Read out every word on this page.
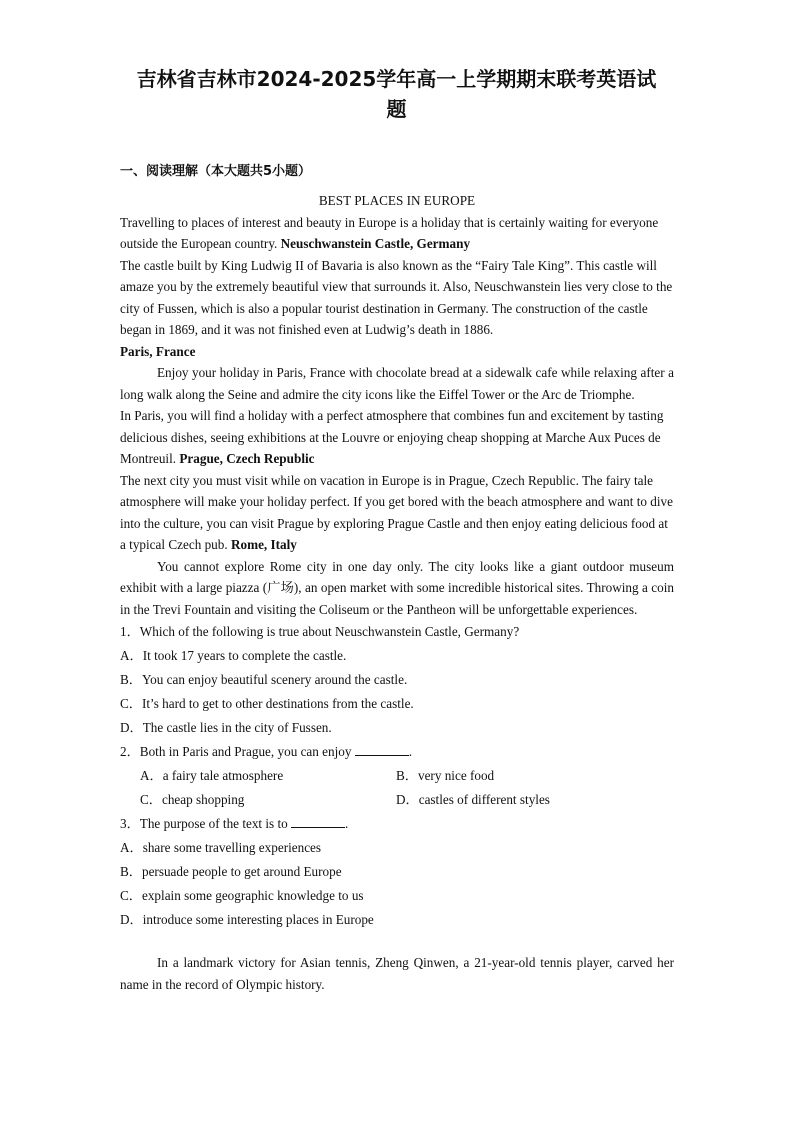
吉林省吉林市2024-2025学年高一上学期期末联考英语试
题
一、阅读理解（本大题共5小题）

BEST PLACES IN EUROPE

Travelling to places of interest and beauty in Europe is a holiday that is certainly waiting for everyone outside the European country. Neuschwanstein Castle, Germany

The castle built by King Ludwig II of Bavaria is also known as the “Fairy Tale King”. This castle will amaze you by the extremely beautiful view that surrounds it. Also, Neuschwanstein lies very close to the city of Fussen, which is also a popular tourist destination in Germany. The construction of the castle began in 1869, and it was not finished even at Ludwig’s death in 1886.

Paris, France

Enjoy your holiday in Paris, France with chocolate bread at a sidewalk cafe while relaxing after a long walk along the Seine and admire the city icons like the Eiffel Tower or the Arc de Triomphe.

In Paris, you will find a holiday with a perfect atmosphere that combines fun and excitement by tasting delicious dishes, seeing exhibitions at the Louvre or enjoying cheap shopping at Marche Aux Puces de Montreuil. Prague, Czech Republic

The next city you must visit while on vacation in Europe is in Prague, Czech Republic. The fairy tale atmosphere will make your holiday perfect. If you get bored with the beach atmosphere and want to dive into the culture, you can visit Prague by exploring Prague Castle and then enjoy eating delicious food at a typical Czech pub. Rome, Italy

You cannot explore Rome city in one day only. The city looks like a giant outdoor museum exhibit with a large piazza (广场), an open market with some incredible historical sites. Throwing a coin in the Trevi Fountain and visiting the Coliseum or the Pantheon will be unforgettable experiences.

1．Which of the following is true about Neuschwanstein Castle, Germany?

A．It took 17 years to complete the castle.

B．You can enjoy beautiful scenery around the castle.

C．It’s hard to get to other destinations from the castle.

D．The castle lies in the city of Fussen.

2．Both in Paris and Prague, you can enjoy	.

A．a fairy tale atmosphere	B．very nice food
C．cheap shopping	D．castles of different styles

3．The purpose of the text is to	.

A．share some travelling experiences

B．persuade people to get around Europe

C．explain some geographic knowledge to us

D．introduce some interesting places in Europe

In a landmark victory for Asian tennis, Zheng Qinwen, a 21-year-old tennis player, carved her name in the record of Olympic history.
